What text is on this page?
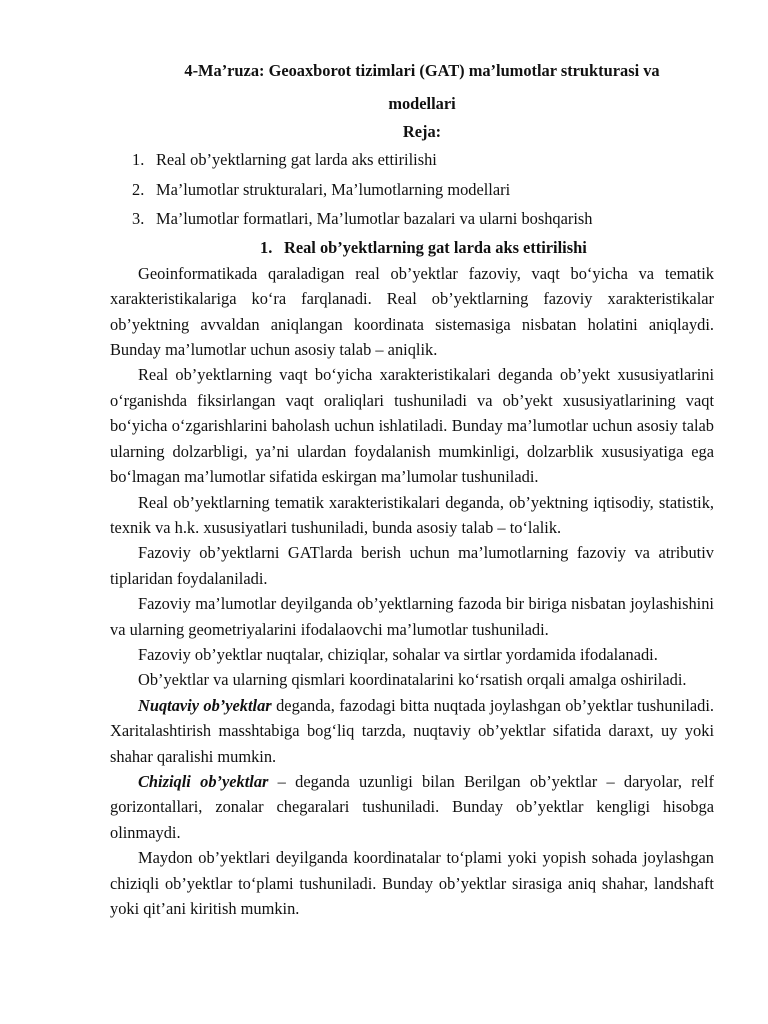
4-Ma’ruza: Geoaxborot tizimlari (GAT) ma’lumotlar strukturasi va
modellari

Reja:

1. Real ob’yektlarning gat larda aks ettirilishi
2. Ma’lumotlar strukturalari, Ma’lumotlarning modellari
3. Ma’lumotlar formatlari, Ma’lumotlar bazalari va ularni boshqarish
1. Real ob’yektlarning gat larda aks ettirilishi

Geoinformatikada qaraladigan real ob’yektlar fazoviy, vaqt bo‘yicha va tematik xarakteristikalariga ko‘ra farqlanadi. Real ob’yektlarning fazoviy xarakteristikalar ob’yektning avvaldan aniqlangan koordinata sistemasiga nisbatan holatini aniqlaydi. Bunday ma’lumotlar uchun asosiy talab – aniqlik.

Real ob’yektlarning vaqt bo‘yicha xarakteristikalari deganda ob’yekt xususiyatlarini o‘rganishda fiksirlangan vaqt oraliqlari tushuniladi va ob’yekt xususiyatlarining vaqt bo‘yicha o‘zgarishlarini baholash uchun ishlatiladi. Bunday ma’lumotlar uchun asosiy talab ularning dolzarbligi, ya’ni ulardan foydalanish mumkinligi, dolzarblik xususiyatiga ega bo‘lmagan ma’lumotlar sifatida eskirgan ma’lumolar tushuniladi.

Real ob’yektlarning tematik xarakteristikalari deganda, ob’yektning iqtisodiy, statistik, texnik va h.k. xususiyatlari tushuniladi, bunda asosiy talab – to‘lalik.

Fazoviy ob’yektlarni GATlarda berish uchun ma’lumotlarning fazoviy va atributiv tiplaridan foydalaniladi.

Fazoviy ma’lumotlar deyilganda ob’yektlarning fazoda bir biriga nisbatan joylashishini va ularning geometriyalarini ifodalaovchi ma’lumotlar tushuniladi.

Fazoviy ob’yektlar nuqtalar, chiziqlar, sohalar va sirtlar yordamida ifodalanadi.

Ob’yektlar va ularning qismlari koordinatalarini ko‘rsatish orqali amalga oshiriladi.

Nuqtaviy ob’yektlar deganda, fazodagi bitta nuqtada joylashgan ob’yektlar tushuniladi. Xaritalashtirish masshtabiga bog‘liq tarzda, nuqtaviy ob’yektlar sifatida daraxt, uy yoki shahar qaralishi mumkin.

Chiziqli ob’yektlar – deganda uzunligi bilan Berilgan ob’yektlar – daryolar, relf gorizontallari, zonalar chegaralari tushuniladi. Bunday ob’yektlar kengligi hisobga olinmaydi.

Maydon ob’yektlari deyilganda koordinatalar to‘plami yoki yopish sohada joylashgan chiziqli ob’yektlar to‘plami tushuniladi. Bunday ob’yektlar sirasiga aniq shahar, landshaft yoki qit’ani kiritish mumkin.
